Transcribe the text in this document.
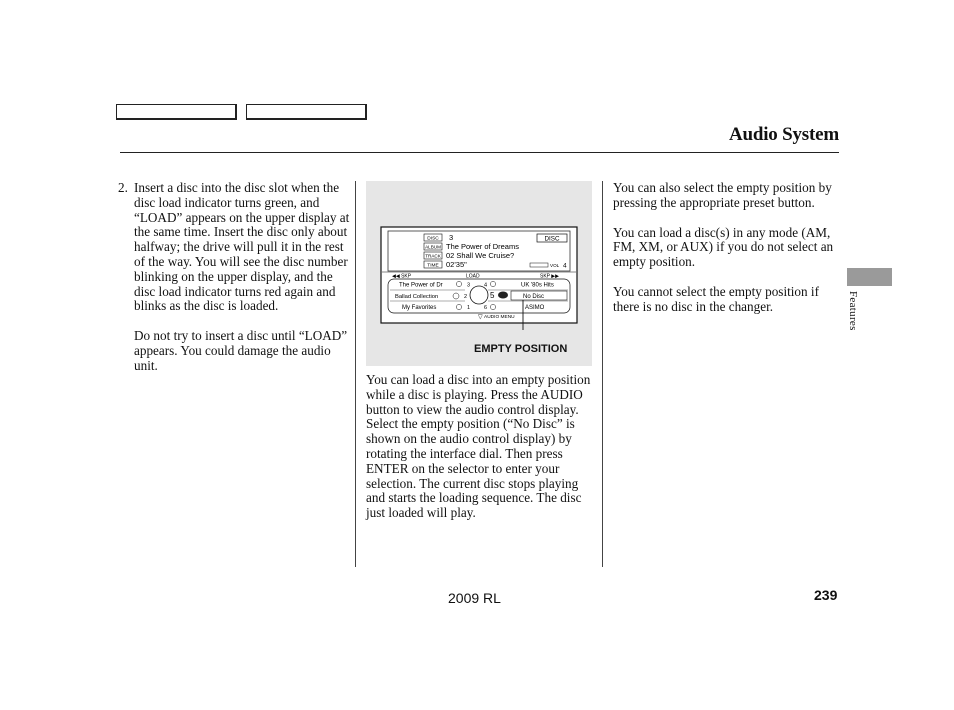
Audio System
2. Insert a disc into the disc slot when the disc load indicator turns green, and “LOAD” appears on the upper display at the same time. Insert the disc only about halfway; the drive will pull it in the rest of the way. You will see the disc number blinking on the upper display, and the disc load indicator turns red again and blinks as the disc is loaded.

Do not try to insert a disc until “LOAD” appears. You could damage the audio unit.

DISC 3	DISC
ALBUM The Power of Dreams
TRACK 02 Shall We Cruise?
TIME 02'35"	VOL 4
◀◀ SKP	LOAD	SKP ▶▶
The Power of Dr
Ballad Collection
My Favorites
3
2
1
5
4	UK '80s Hits
No Disc
6	ASIMO
▽ AUDIO MENU
EMPTY POSITION

You can load a disc into an empty position while a disc is playing. Press the AUDIO button to view the audio control display. Select the empty position (“No Disc” is shown on the audio control display) by rotating the interface dial. Then press ENTER on the selector to enter your selection. The current disc stops playing and starts the loading sequence. The disc just loaded will play.

You can also select the empty position by pressing the appropriate preset button.

You can load a disc(s) in any mode (AM, FM, XM, or AUX) if you do not select an empty position.

You cannot select the empty position if there is no disc in the changer.	Features
2009 RL	239
